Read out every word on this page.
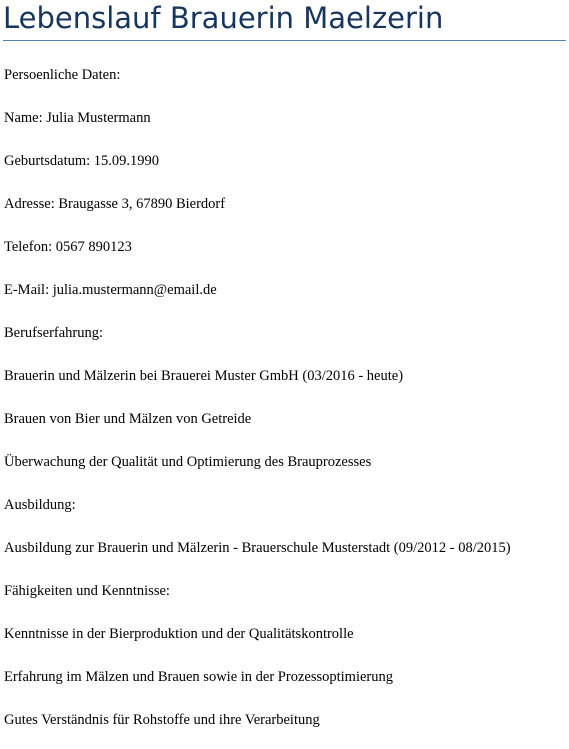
Lebenslauf Brauerin Maelzerin
Persoenliche Daten:
Name: Julia Mustermann
Geburtsdatum: 15.09.1990
Adresse: Braugasse 3, 67890 Bierdorf
Telefon: 0567 890123
E-Mail: julia.mustermann@email.de
Berufserfahrung:
Brauerin und Mälzerin bei Brauerei Muster GmbH (03/2016 - heute)
Brauen von Bier und Mälzen von Getreide
Überwachung der Qualität und Optimierung des Brauprozesses
Ausbildung:
Ausbildung zur Brauerin und Mälzerin - Brauerschule Musterstadt (09/2012 - 08/2015)
Fähigkeiten und Kenntnisse:
Kenntnisse in der Bierproduktion und der Qualitätskontrolle
Erfahrung im Mälzen und Brauen sowie in der Prozessoptimierung
Gutes Verständnis für Rohstoffe und ihre Verarbeitung
